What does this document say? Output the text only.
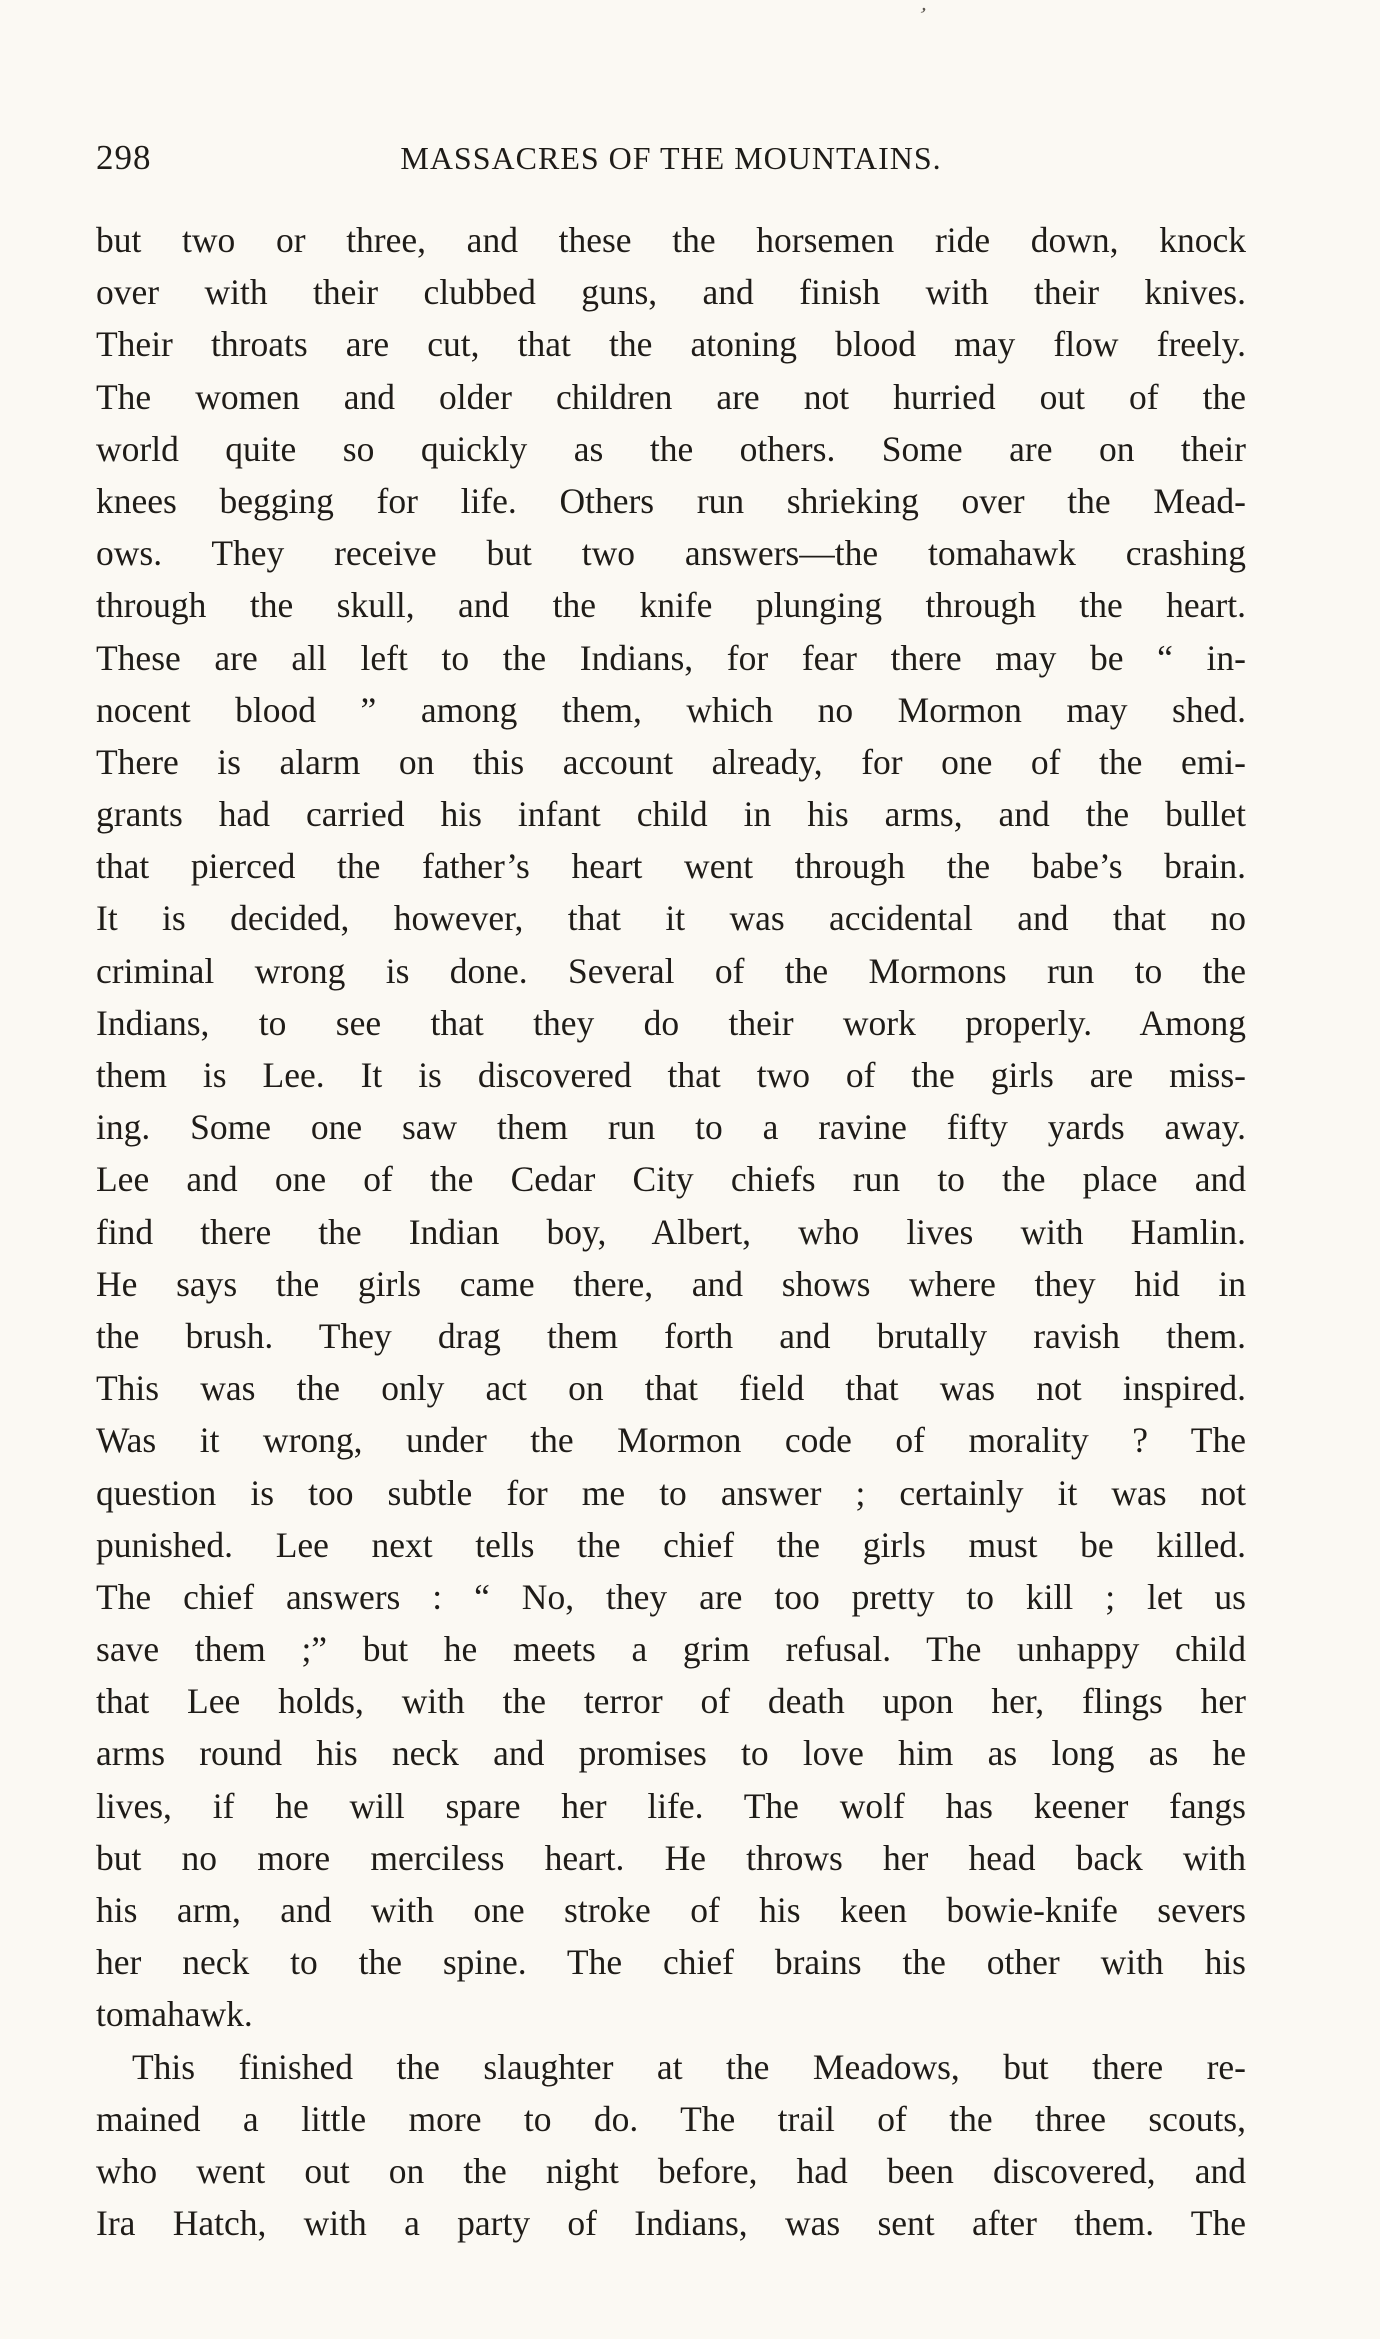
’
298	MASSACRES OF THE MOUNTAINS.
but two or three, and these the horsemen ride down, knock
over with their clubbed guns, and finish with their knives.
Their throats are cut, that the atoning blood may flow freely.
The women and older children are not hurried out of the
world quite so quickly as the others. Some are on their
knees begging for life. Others run shrieking over the Mead-
ows. They receive but two answers—the tomahawk crashing
through the skull, and the knife plunging through the heart.
These are all left to the Indians, for fear there may be “ in-
nocent blood ” among them, which no Mormon may shed.
There is alarm on this account already, for one of the emi-
grants had carried his infant child in his arms, and the bullet
that pierced the father’s heart went through the babe’s brain.
It is decided, however, that it was accidental and that no
criminal wrong is done. Several of the Mormons run to the
Indians, to see that they do their work properly. Among
them is Lee. It is discovered that two of the girls are miss-
ing. Some one saw them run to a ravine fifty yards away.
Lee and one of the Cedar City chiefs run to the place and
find there the Indian boy, Albert, who lives with Hamlin.
He says the girls came there, and shows where they hid in
the brush. They drag them forth and brutally ravish them.
This was the only act on that field that was not inspired.
Was it wrong, under the Mormon code of morality ? The
question is too subtle for me to answer ; certainly it was not
punished. Lee next tells the chief the girls must be killed.
The chief answers : “ No, they are too pretty to kill ; let us
save them ;” but he meets a grim refusal. The unhappy child
that Lee holds, with the terror of death upon her, flings her
arms round his neck and promises to love him as long as he
lives, if he will spare her life. The wolf has keener fangs
but no more merciless heart. He throws her head back with
his arm, and with one stroke of his keen bowie-knife severs
her neck to the spine. The chief brains the other with his
tomahawk.
This finished the slaughter at the Meadows, but there re-
mained a little more to do. The trail of the three scouts,
who went out on the night before, had been discovered, and
Ira Hatch, with a party of Indians, was sent after them. The
